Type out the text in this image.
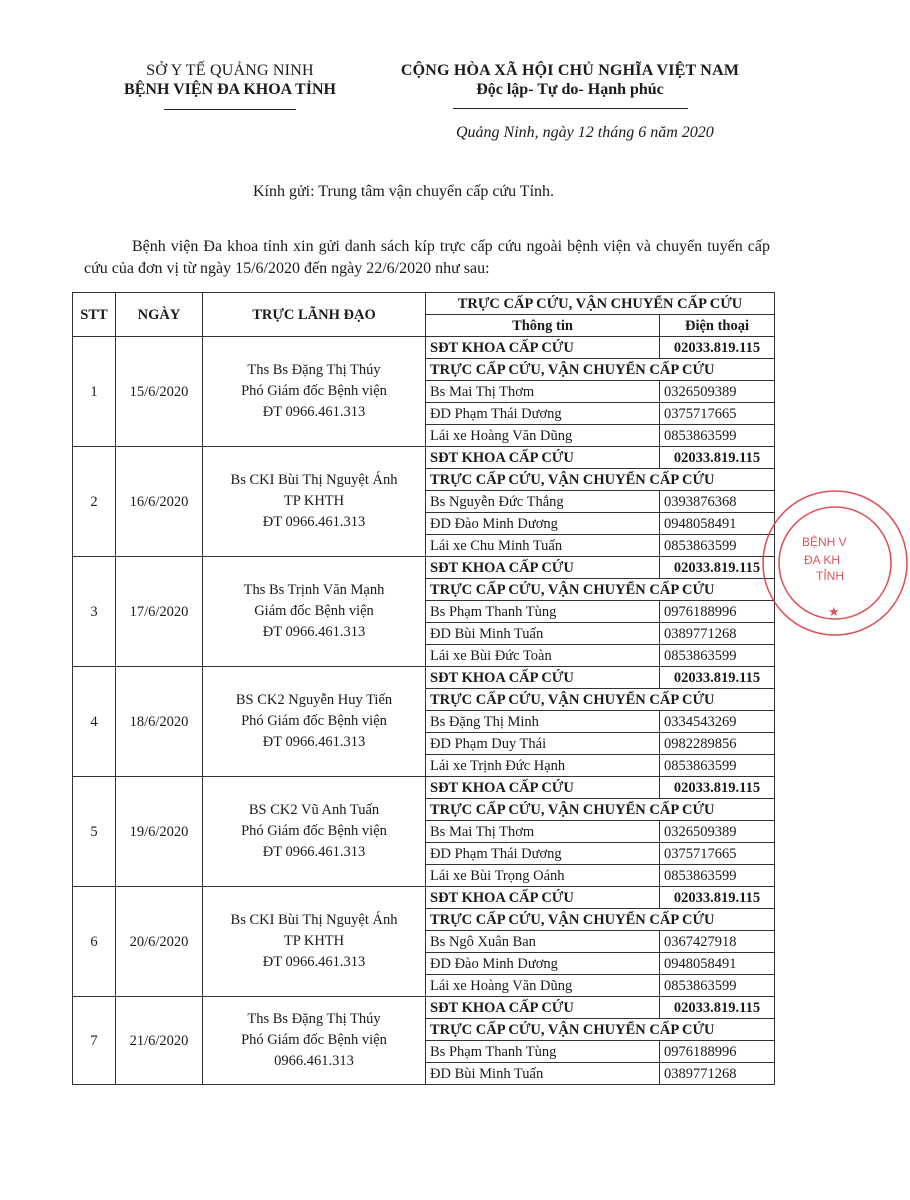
SỞ Y TẾ QUẢNG NINH
BỆNH VIỆN ĐA KHOA TỈNH
CỘNG HÒA XÃ HỘI CHỦ NGHĨA VIỆT NAM
Độc lập- Tự do- Hạnh phúc
Quảng Ninh, ngày 12 tháng 6 năm 2020
Kính gửi: Trung tâm vận chuyển cấp cứu Tỉnh.
Bệnh viện Đa khoa tỉnh xin gửi danh sách kíp trực cấp cứu ngoài bệnh viện và chuyển tuyến cấp cứu của đơn vị từ ngày 15/6/2020 đến ngày 22/6/2020 như sau:
STT	NGÀY	TRỰC LÃNH ĐẠO	TRỰC CẤP CỨU, VẬN CHUYỂN CẤP CỨU	
			Thông tin	Điện thoại
1	15/6/2020	Ths Bs Đặng Thị Thúy
Phó Giám đốc Bệnh viện
ĐT 0966.461.313	SĐT KHOA CẤP CỨU	02033.819.115
			TRỰC CẤP CỨU, VẬN CHUYỂN CẤP CỨU	
			Bs Mai Thị Thơm	0326509389
			ĐD Phạm Thái Dương	0375717665
			Lái xe Hoàng Văn Dũng	0853863599
2	16/6/2020	Bs CKI Bùi Thị Nguyệt Ánh
TP KHTH
ĐT 0966.461.313	SĐT KHOA CẤP CỨU	02033.819.115
			TRỰC CẤP CỨU, VẬN CHUYỂN CẤP CỨU	
			Bs Nguyễn Đức Thắng	0393876368
			ĐD Đào Minh Dương	0948058491
			Lái xe Chu Minh Tuấn	0853863599
3	17/6/2020	Ths Bs Trịnh Văn Mạnh
Giám đốc Bệnh viện
ĐT 0966.461.313	SĐT KHOA CẤP CỨU	02033.819.115
			TRỰC CẤP CỨU, VẬN CHUYỂN CẤP CỨU	
			Bs Phạm Thanh Tùng	0976188996
			ĐD Bùi Minh Tuấn	0389771268
			Lái xe Bùi Đức Toàn	0853863599
4	18/6/2020	BS CK2 Nguyễn Huy Tiến
Phó Giám đốc Bệnh viện
ĐT 0966.461.313	SĐT KHOA CẤP CỨU	02033.819.115
			TRỰC CẤP CỨU, VẬN CHUYỂN CẤP CỨU	
			Bs Đặng Thị Minh	0334543269
			ĐD Phạm Duy Thái	0982289856
			Lái xe Trịnh Đức Hạnh	0853863599
5	19/6/2020	BS CK2 Vũ Anh Tuấn
Phó Giám đốc Bệnh viện
ĐT 0966.461.313	SĐT KHOA CẤP CỨU	02033.819.115
			TRỰC CẤP CỨU, VẬN CHUYỂN CẤP CỨU	
			Bs Mai Thị Thơm	0326509389
			ĐD Phạm Thái Dương	0375717665
			Lái xe Bùi Trọng Oánh	0853863599
6	20/6/2020	Bs CKI Bùi Thị Nguyệt Ánh
TP KHTH
ĐT 0966.461.313	SĐT KHOA CẤP CỨU	02033.819.115
			TRỰC CẤP CỨU, VẬN CHUYỂN CẤP CỨU	
			Bs Ngô Xuân Ban	0367427918
			ĐD Đào Minh Dương	0948058491
			Lái xe Hoàng Văn Dũng	0853863599
7	21/6/2020	Ths Bs Đặng Thị Thúy
Phó Giám đốc Bệnh viện
0966.461.313	SĐT KHOA CẤP CỨU	02033.819.115
			TRỰC CẤP CỨU, VẬN CHUYỂN CẤP CỨU	
			Bs Phạm Thanh Tùng	0976188996
			ĐD Bùi Minh Tuấn	0389771268
BỆNH V
ĐA KH
TỈNH
★
